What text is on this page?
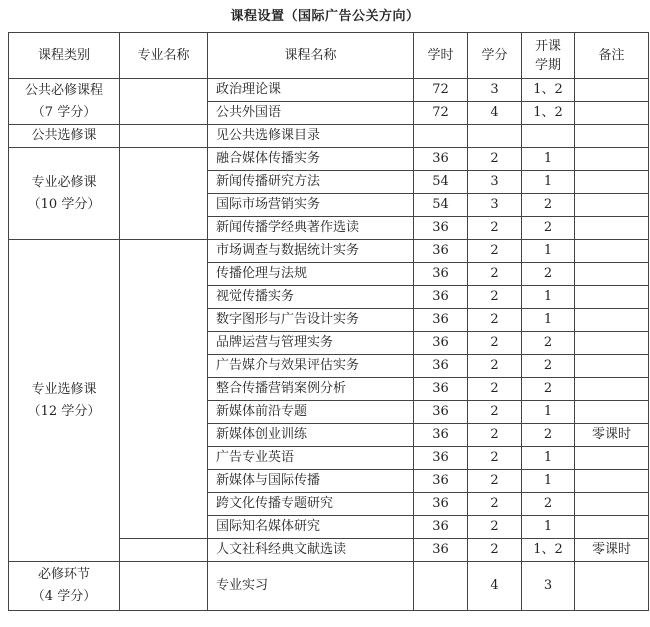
课程设置（国际广告公关方向）
课程类别	专业名称	课程名称	学时	学分	开课
学期	备注
公共必修课程
（7 学分）		政治理论课	72	3	1、2	
		公共外国语	72	4	1、2	
公共选修课		见公共选修课目录				
专业必修课
（10 学分）		融合媒体传播实务	36	2	1	
		新闻传播研究方法	54	3	1	
		国际市场营销实务	54	3	2	
		新闻传播学经典著作选读	36	2	2	
专业选修课
（12 学分）		市场调查与数据统计实务	36	2	1	
		传播伦理与法规	36	2	2	
		视觉传播实务	36	2	1	
		数字图形与广告设计实务	36	2	1	
		品牌运营与管理实务	36	2	2	
		广告媒介与效果评估实务	36	2	2	
		整合传播营销案例分析	36	2	2	
		新媒体前沿专题	36	2	1	
		新媒体创业训练	36	2	2	零课时
		广告专业英语	36	2	1	
		新媒体与国际传播	36	2	1	
		跨文化传播专题研究	36	2	2	
		国际知名媒体研究	36	2	1	
		人文社科经典文献选读	36	2	1、2	零课时
必修环节
（4 学分）		专业实习		4	3	
